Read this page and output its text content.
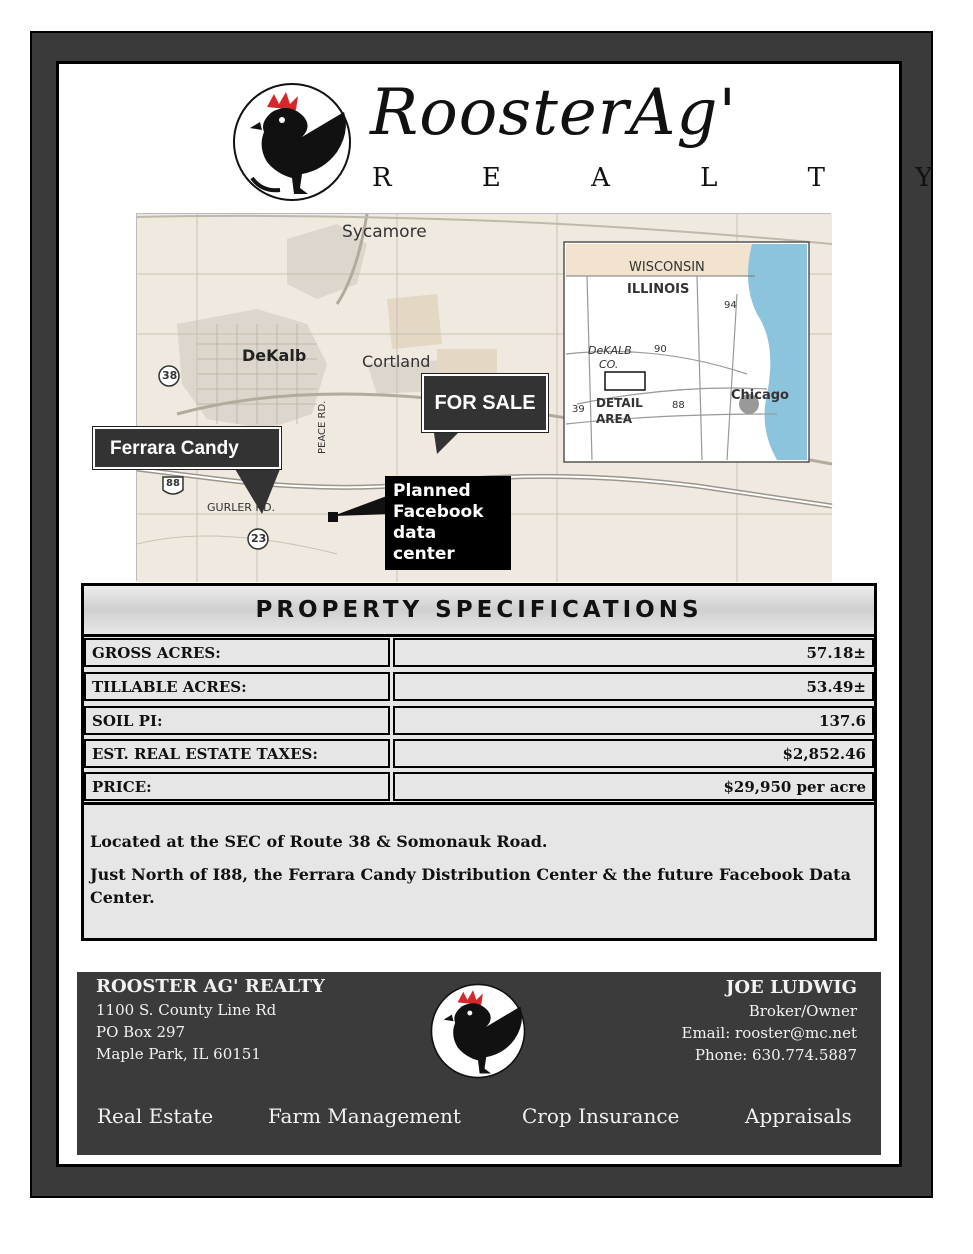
RoosterAg'
R E A L T Y
Sycamore
DeKalb	Cortland
PEACE RD.
GURLER RD.
38
88
23
WISCONSIN
ILLINOIS
DeKALB
CO.
DETAIL
AREA
Chicago
94
90
39	88
FOR SALE
Ferrara Candy
Planned
Facebook
data center
PROPERTY SPECIFICATIONS
GROSS ACRES:	57.18±
TILLABLE ACRES:	53.49±
SOIL PI:	137.6
EST. REAL ESTATE TAXES:	$2,852.46
PRICE:	$29,950 per acre

Located at the SEC of Route 38 & Somonauk Road.

Just North of I88, the Ferrara Candy Distribution Center & the future Facebook Data Center.

ROOSTER AG' REALTY
1100 S. County Line Rd
PO Box 297
Maple Park, IL 60151
JOE LUDWIG
Broker/Owner
Email: rooster@mc.net
Phone: 630.774.5887
Real Estate	Farm Management	Crop Insurance	Appraisals
